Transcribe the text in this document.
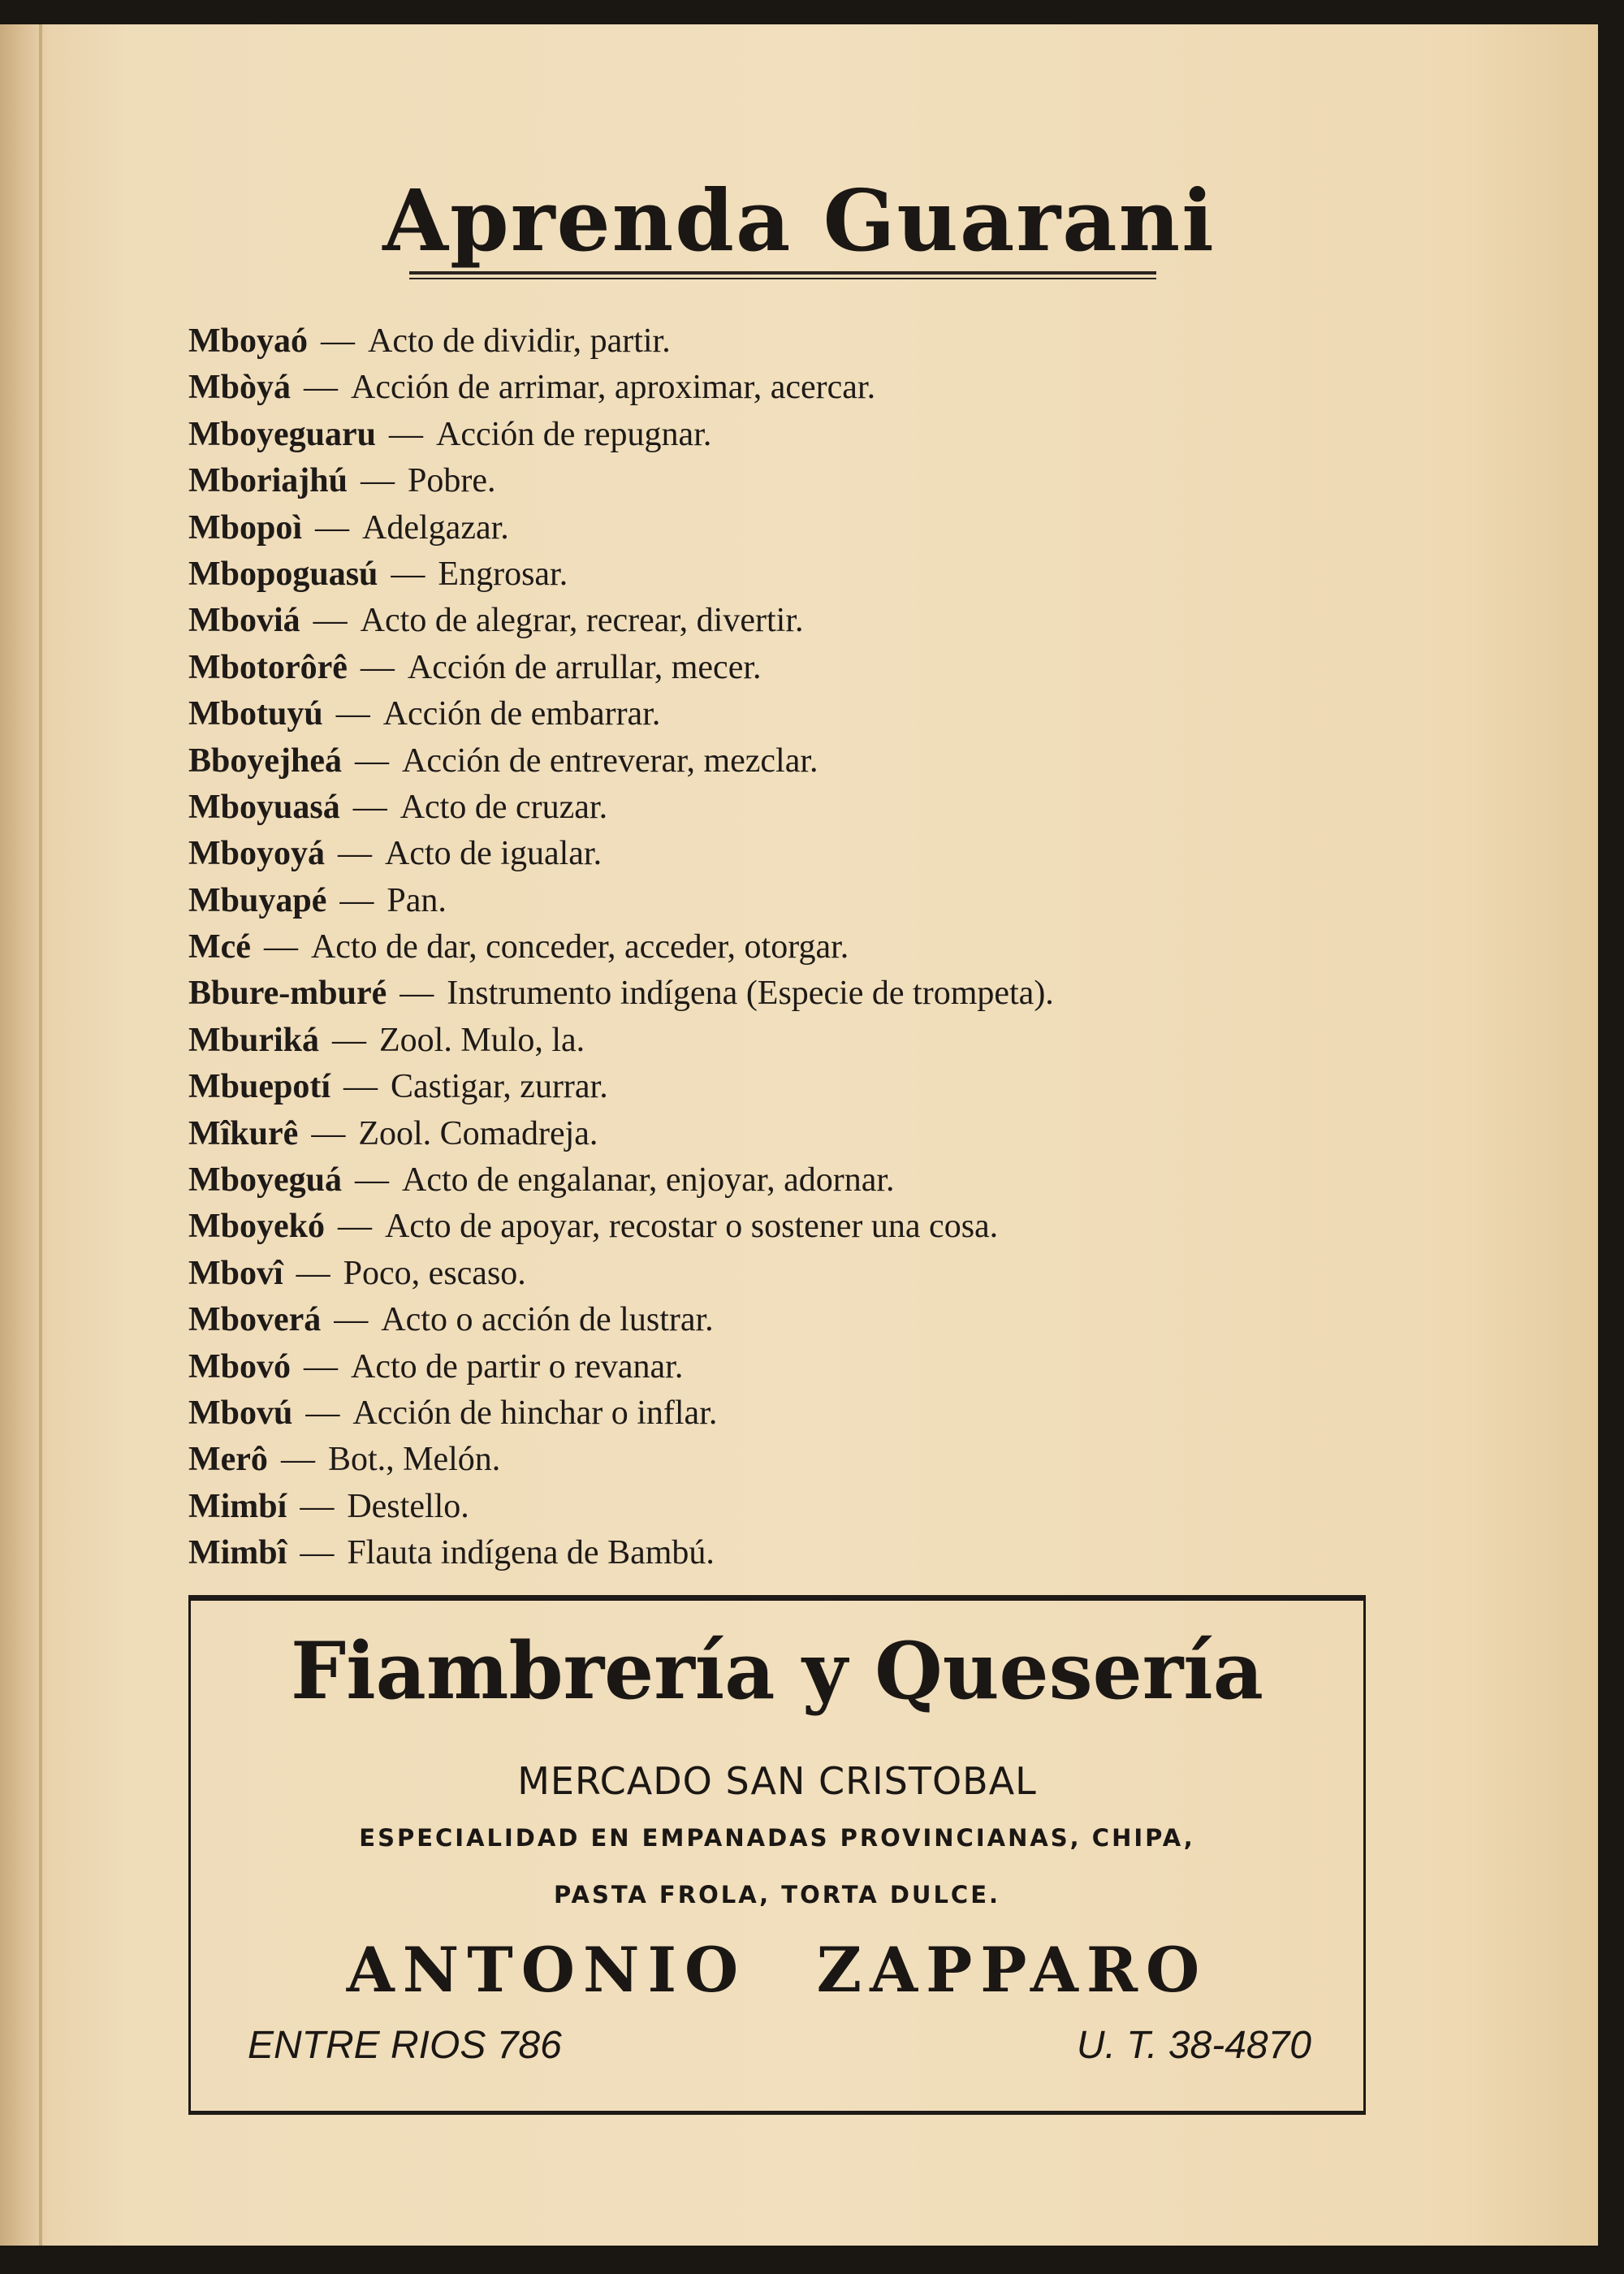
Aprenda Guarani
Mboyaó — Acto de dividir, partir.
Mbòyá — Acción de arrimar, aproximar, acercar.
Mboyeguaru — Acción de repugnar.
Mboriajhú — Pobre.
Mbopoì — Adelgazar.
Mbopoguasú — Engrosar.
Mboviá — Acto de alegrar, recrear, divertir.
Mbotorôrê — Acción de arrullar, mecer.
Mbotuyú — Acción de embarrar.
Bboyejheá — Acción de entreverar, mezclar.
Mboyuasá — Acto de cruzar.
Mboyoyá — Acto de igualar.
Mbuyapé — Pan.
Mcé — Acto de dar, conceder, acceder, otorgar.
Bbure-mburé — Instrumento indígena (Especie de trompeta).
Mburiká — Zool. Mulo, la.
Mbuepotí — Castigar, zurrar.
Mîkurê — Zool. Comadreja.
Mboyeguá — Acto de engalanar, enjoyar, adornar.
Mboyekó — Acto de apoyar, recostar o sostener una cosa.
Mbovî — Poco, escaso.
Mboverá — Acto o acción de lustrar.
Mbovó — Acto de partir o revanar.
Mbovú — Acción de hinchar o inflar.
Merô — Bot., Melón.
Mimbí — Destello.
Mimbî — Flauta indígena de Bambú.
Fiambrería y Quesería
MERCADO SAN CRISTOBAL
ESPECIALIDAD EN EMPANADAS PROVINCIANAS, CHIPA,
PASTA FROLA, TORTA DULCE.
ANTONIO ZAPPARO
ENTRE RIOS 786	U. T. 38-4870
